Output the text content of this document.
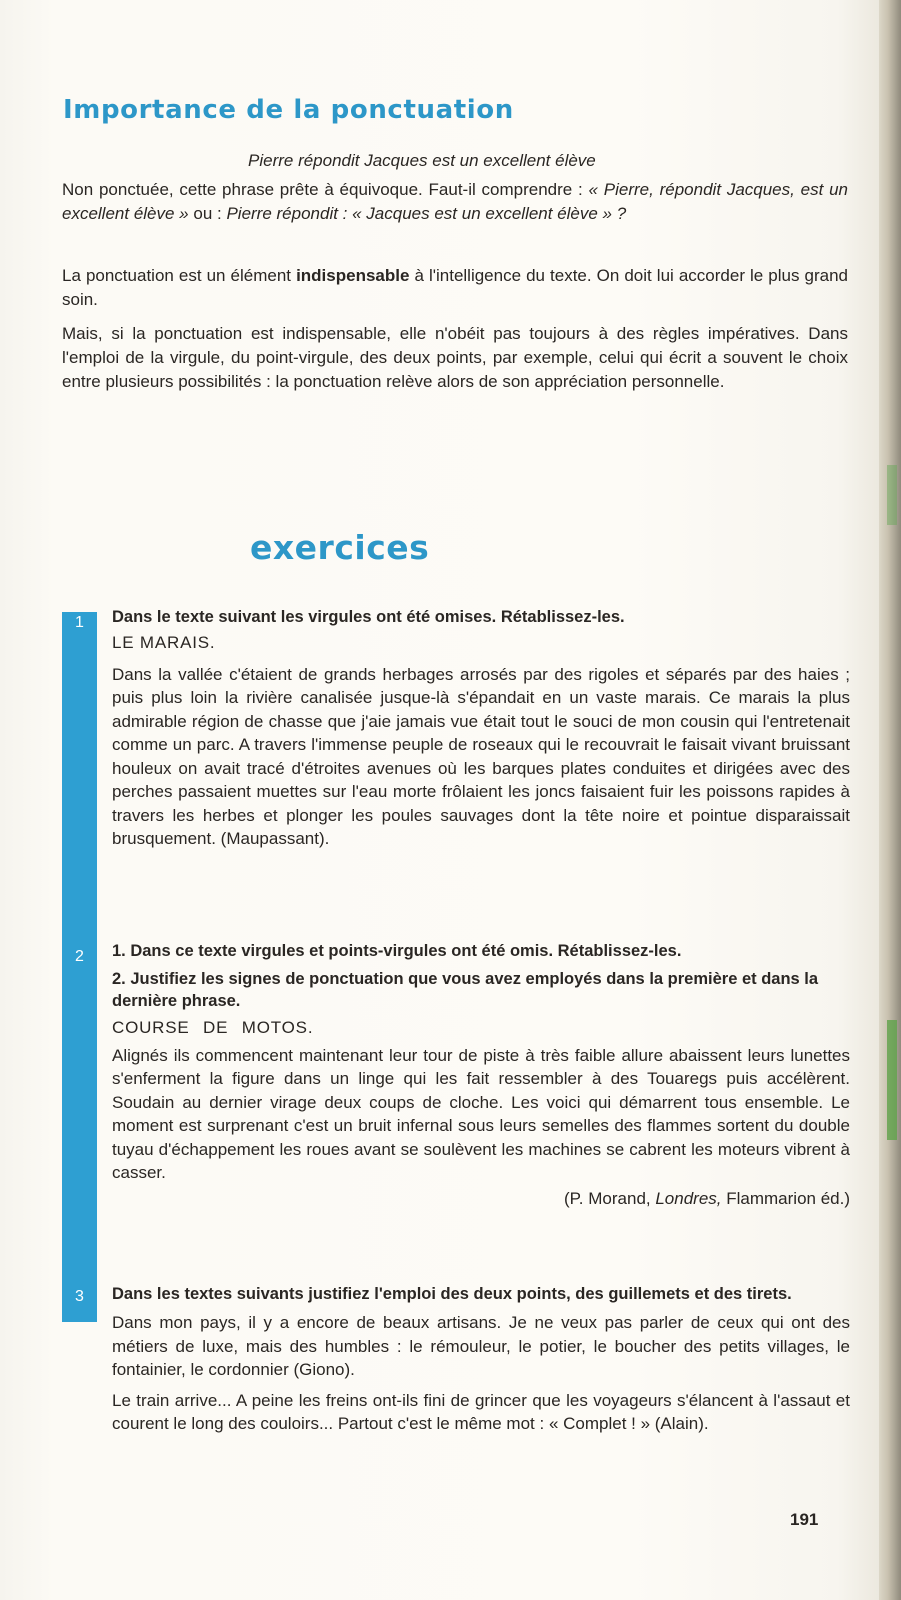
Importance de la ponctuation
Pierre répondit Jacques est un excellent élève

Non ponctuée, cette phrase prête à équivoque. Faut-il comprendre : « Pierre, répondit Jacques, est un excellent élève » ou : Pierre répondit : « Jacques est un excellent élève » ?

La ponctuation est un élément indispensable à l'intelligence du texte. On doit lui accorder le plus grand soin.

Mais, si la ponctuation est indispensable, elle n'obéit pas toujours à des règles impératives. Dans l'emploi de la virgule, du point-virgule, des deux points, par exemple, celui qui écrit a souvent le choix entre plusieurs possibilités : la ponctuation relève alors de son appréciation personnelle.

exercices
1
2
3
Dans le texte suivant les virgules ont été omises. Rétablissez-les.
LE MARAIS.
Dans la vallée c'étaient de grands herbages arrosés par des rigoles et séparés par des haies ; puis plus loin la rivière canalisée jusque-là s'épandait en un vaste marais. Ce marais la plus admirable région de chasse que j'aie jamais vue était tout le souci de mon cousin qui l'entretenait comme un parc. A travers l'immense peuple de roseaux qui le recouvrait le faisait vivant bruissant houleux on avait tracé d'étroites avenues où les barques plates conduites et dirigées avec des perches passaient muettes sur l'eau morte frôlaient les joncs faisaient fuir les poissons rapides à travers les herbes et plonger les poules sauvages dont la tête noire et pointue disparaissait brusquement. (Maupassant).
1. Dans ce texte virgules et points-virgules ont été omis. Rétablissez-les.
2. Justifiez les signes de ponctuation que vous avez employés dans la première et dans la dernière phrase.
COURSE DE MOTOS.
Alignés ils commencent maintenant leur tour de piste à très faible allure abaissent leurs lunettes s'enferment la figure dans un linge qui les fait ressembler à des Touaregs puis accélèrent. Soudain au dernier virage deux coups de cloche. Les voici qui démarrent tous ensemble. Le moment est surprenant c'est un bruit infernal sous leurs semelles des flammes sortent du double tuyau d'échappement les roues avant se soulèvent les machines se cabrent les moteurs vibrent à casser.
(P. Morand, Londres, Flammarion éd.)
Dans les textes suivants justifiez l'emploi des deux points, des guillemets et des tirets.
Dans mon pays, il y a encore de beaux artisans. Je ne veux pas parler de ceux qui ont des métiers de luxe, mais des humbles : le rémouleur, le potier, le boucher des petits villages, le fontainier, le cordonnier (Giono).
Le train arrive... A peine les freins ont-ils fini de grincer que les voyageurs s'élancent à l'assaut et courent le long des couloirs... Partout c'est le même mot : « Complet ! » (Alain).
191
